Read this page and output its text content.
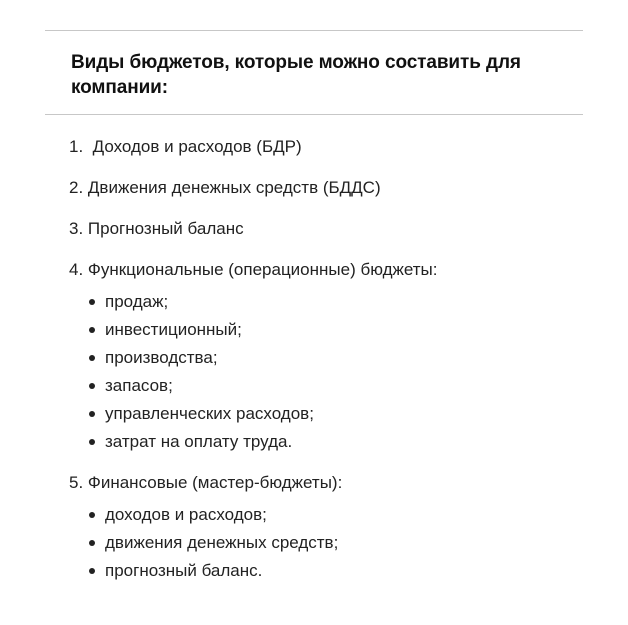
Виды бюджетов, которые можно составить для компании:
1.  Доходов и расходов (БДР)
2. Движения денежных средств (БДДС)
3. Прогнозный баланс
4. Функциональные (операционные) бюджеты:
продаж;
инвестиционный;
производства;
запасов;
управленческих расходов;
затрат на оплату труда.
5. Финансовые (мастер-бюджеты):
доходов и расходов;
движения денежных средств;
прогнозный баланс.
